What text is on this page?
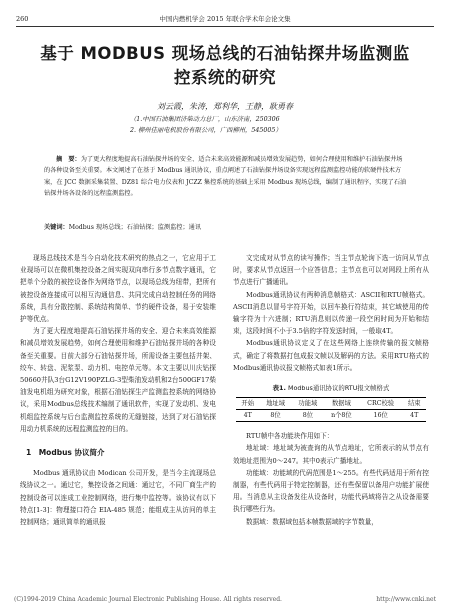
260	中国内燃机学会 2015 年联合学术年会论文集
基于 MODBUS 现场总线的石油钻探井场监测监
控系统的研究
刘云霞，朱涛，郑利华，王静，耿勇春
（1.中国石油集团济柴动力总厂，山东济南，250306
2. 柳州佳丽电机股份有限公司，广西柳州，545005）
摘　要：为了更大程度地提高石油钻探井场的安全、适合未来高效能源和减员增效发展趋势，如何合理使用和维护石油钻探井场的各种设备至关重要。本文阐述了在基于 Modbus 通讯协议，重点阐述了石油钻探井场设备实现远程监测监控功能的软硬件技术方案，在 JCC 数据采集装置、DZ81 综合电力仪表和 JCZZ 集控系统的基础上采用 Modbus 现场总线，编制了通讯程序，实现了石油钻探井场各设备的远程监测监控。
关键词：Modbus 现场总线；石油钻探；监测监控；通讯

现场总线技术是当今自动化技术研究的热点之一，它应用于工业现场可以在微机集控设备之间实现双向串行多节点数字通讯，它把单个分散的被控设备作为网络节点，以现场总线为纽带，把所有被控设备连接成可以相互沟通信息、共同完成自动控制任务的网络系统，具有分散控制、系统结构简单、节约硬件设备，易于安装维护等优点。

为了更大程度地提高石油钻探井场的安全、迎合未来高效能源和减员增效发展趋势，如何合理使用和维护石油钻探井场的各种设备至关重要。目前大部分石油钻探井场，所需设备主要包括井架、绞车、转盘、泥浆泵、动力机、电控单元等。本文主要以川庆钻探50660井队3台G12V190PZLG-3型柴油发动机和2台500GF17柴油发电机组为研究对象，根据石油钻探生产监测监控系统的网络协议，采用Modbus总线技术编制了通讯软件，实现了发动机、发电机组监控系统与后台监测监控系统的无缝链接，达到了对石油钻探用动力机系统的远程监测监控的目的。

1　Modbus 协议简介

Modbus 通讯协议由 Modican 公司开发，是当今主流现场总线协议之一。通过它，集控设备之间通：通过它，不同厂商生产的控制设备可以连成工业控制网络，进行集中监控等。该协议有以下特点[1-3]：物理接口符合 EIA-485 规范；能组成主从访问的单主控制网络；通讯简单的通讯报

文完成对从节点的读写操作；当主节点轮询下选一访问从节点时，要求从节点返回一个应答信息；主节点也可以对网段上所有从节点进行广播通讯。

Modbus通讯协议有两种消息帧格式：ASCII和RTU帧格式。ASCII消息以冒号字符开始，以回车换行符结束，其它域使用的传输字符为十六进制；RTU消息则以传递一段空闲时间为开始和结束，这段时间不小于3.5倍的字符发送时间，一般取4T。

Modbus通讯协议定义了在这些网络上连续传输的报文帧格式，确定了将数据打包成报文帧以及解码的方法。采用RTU格式的Modbus通讯协议报文帧格式如表1所示。

表1. Modbus通讯协议的RTU报文帧格式
开始	地址域	功能域	数据域	CRC校验	结束
4T	8位	8位	n个8位	16位	4T

RTU帧中各功能块作用如下：

地址域：地址域为被查询的从节点地址，它所表示的从节点有效地址范围为0～247。其中0表示广播地址。

功能域：功能域的代码范围是1～255。有些代码适用于所有控制器，有些代码用于特定控制器，还有些保留以备用户功能扩展使用。当消息从主设备发往从设备时，功能代码域将告之从设备需要执行哪些行为。

数据域：数据域包括本帧数据域的字节数量，

(C)1994-2019 China Academic Journal Electronic Publishing House. All rights reserved.	http://www.cnki.net
